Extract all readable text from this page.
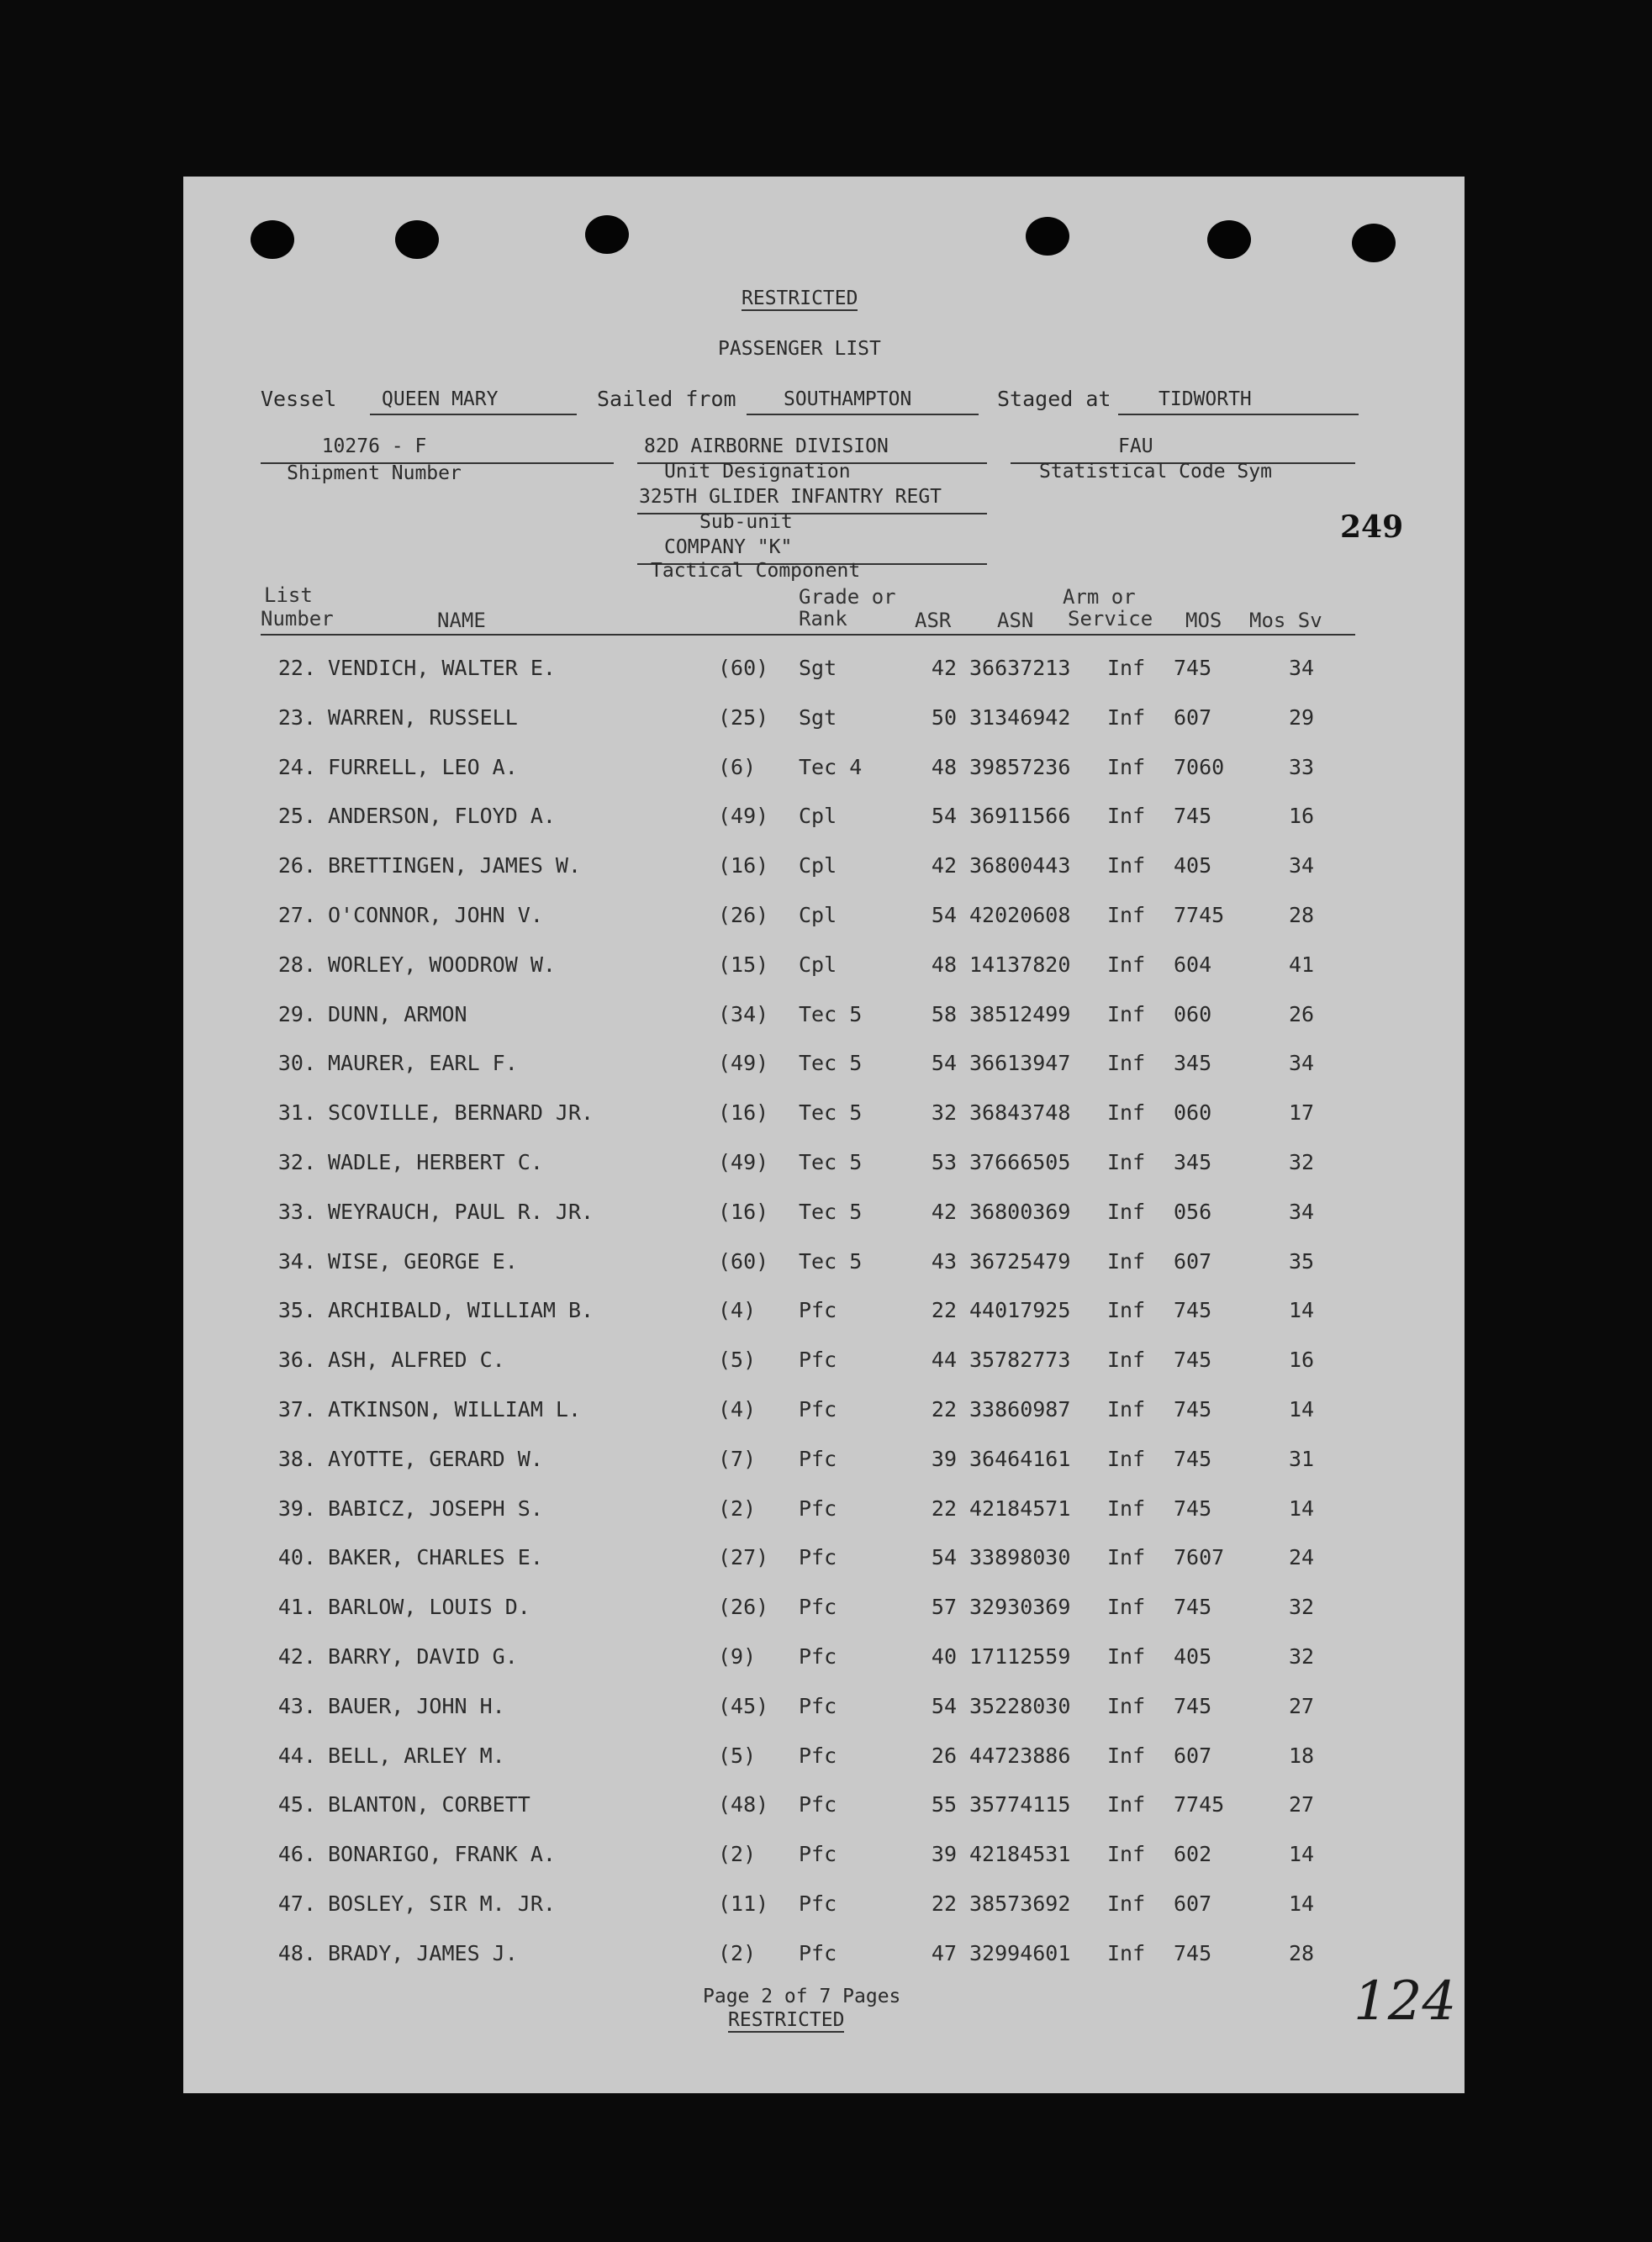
RESTRICTED
PASSENGER LIST
Vessel QUEEN MARY	Sailed from SOUTHAMPTON	Staged at TIDWORTH
10276 - F
Shipment Number
82D AIRBORNE DIVISION
Unit Designation
325TH GLIDER INFANTRY REGT
Sub-unit
COMPANY "K"
Tactical Component
FAU
Statistical Code Sym
249
List
Number	NAME
Grade or
Rank	ASR ASN
Arm or
Service MOS Mos Sv
22. VENDICH, WALTER E.	(60) Sgt	42 36637213 Inf 745	34
23. WARREN, RUSSELL	(25) Sgt	50 31346942 Inf 607	29
24. FURRELL, LEO A.	(6) Tec 4	48 39857236 Inf 7060	33
25. ANDERSON, FLOYD A.	(49) Cpl	54 36911566 Inf 745	16
26. BRETTINGEN, JAMES W.	(16) Cpl	42 36800443 Inf 405	34
27. O'CONNOR, JOHN V.	(26) Cpl	54 42020608 Inf 7745	28
28. WORLEY, WOODROW W.	(15) Cpl	48 14137820 Inf 604	41
29. DUNN, ARMON	(34) Tec 5	58 38512499 Inf 060	26
30. MAURER, EARL F.	(49) Tec 5	54 36613947 Inf 345	34
31. SCOVILLE, BERNARD JR.	(16) Tec 5	32 36843748 Inf 060	17
32. WADLE, HERBERT C.	(49) Tec 5	53 37666505 Inf 345	32
33. WEYRAUCH, PAUL R. JR.	(16) Tec 5	42 36800369 Inf 056	34
34. WISE, GEORGE E.	(60) Tec 5	43 36725479 Inf 607	35
35. ARCHIBALD, WILLIAM B.	(4) Pfc	22 44017925 Inf 745	14
36. ASH, ALFRED C.	(5) Pfc	44 35782773 Inf 745	16
37. ATKINSON, WILLIAM L.	(4) Pfc	22 33860987 Inf 745	14
38. AYOTTE, GERARD W.	(7) Pfc	39 36464161 Inf 745	31
39. BABICZ, JOSEPH S.	(2) Pfc	22 42184571 Inf 745	14
40. BAKER, CHARLES E.	(27) Pfc	54 33898030 Inf 7607	24
41. BARLOW, LOUIS D.	(26) Pfc	57 32930369 Inf 745	32
42. BARRY, DAVID G.	(9) Pfc	40 17112559 Inf 405	32
43. BAUER, JOHN H.	(45) Pfc	54 35228030 Inf 745	27
44. BELL, ARLEY M.	(5) Pfc	26 44723886 Inf 607	18
45. BLANTON, CORBETT	(48) Pfc	55 35774115 Inf 7745	27
46. BONARIGO, FRANK A.	(2) Pfc	39 42184531 Inf 602	14
47. BOSLEY, SIR M. JR.	(11) Pfc	22 38573692 Inf 607	14
48. BRADY, JAMES J.	(2) Pfc	47 32994601 Inf 745	28
Page 2 of 7 Pages
RESTRICTED	124
